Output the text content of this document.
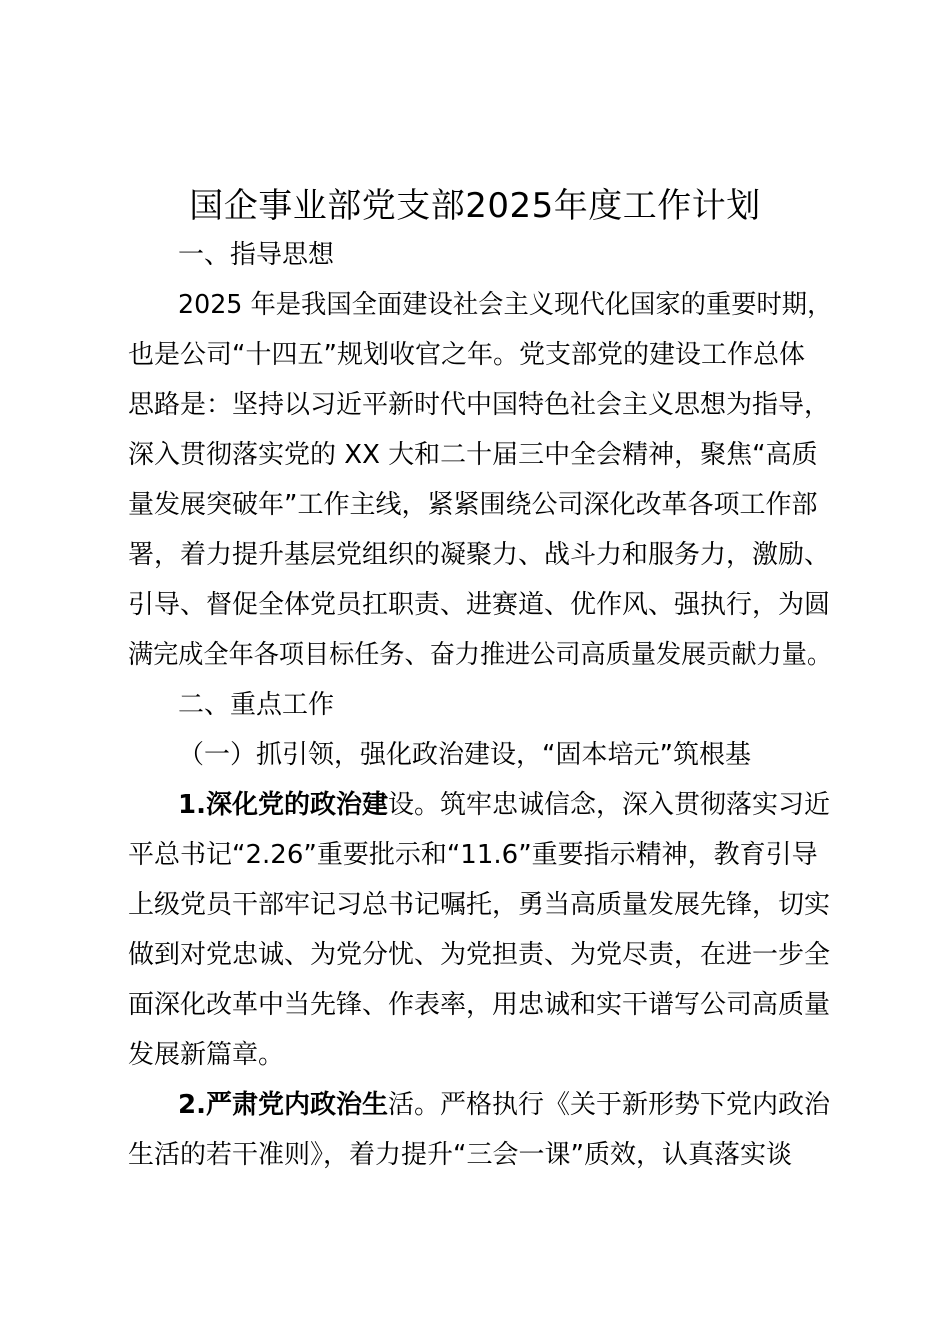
国企事业部党支部2025年度工作计划
一、指导思想
2025 年是我国全面建设社会主义现代化国家的重要时期，
也是公司“十四五”规划收官之年。党支部党的建设工作总体
思路是：坚持以习近平新时代中国特色社会主义思想为指导，
深入贯彻落实党的 XX 大和二十届三中全会精神，聚焦“高质
量发展突破年”工作主线，紧紧围绕公司深化改革各项工作部
署，着力提升基层党组织的凝聚力、战斗力和服务力，激励、
引导、督促全体党员扛职责、进赛道、优作风、强执行，为圆
满完成全年各项目标任务、奋力推进公司高质量发展贡献力量。
二、重点工作
（一）抓引领，强化政治建设，“固本培元”筑根基
1.深化党的政治建设。筑牢忠诚信念，深入贯彻落实习近
平总书记“2.26”重要批示和“11.6”重要指示精神，教育引导
上级党员干部牢记习总书记嘱托，勇当高质量发展先锋，切实
做到对党忠诚、为党分忧、为党担责、为党尽责，在进一步全
面深化改革中当先锋、作表率，用忠诚和实干谱写公司高质量
发展新篇章。
2.严肃党内政治生活。严格执行《关于新形势下党内政治
生活的若干准则》，着力提升“三会一课”质效，认真落实谈
